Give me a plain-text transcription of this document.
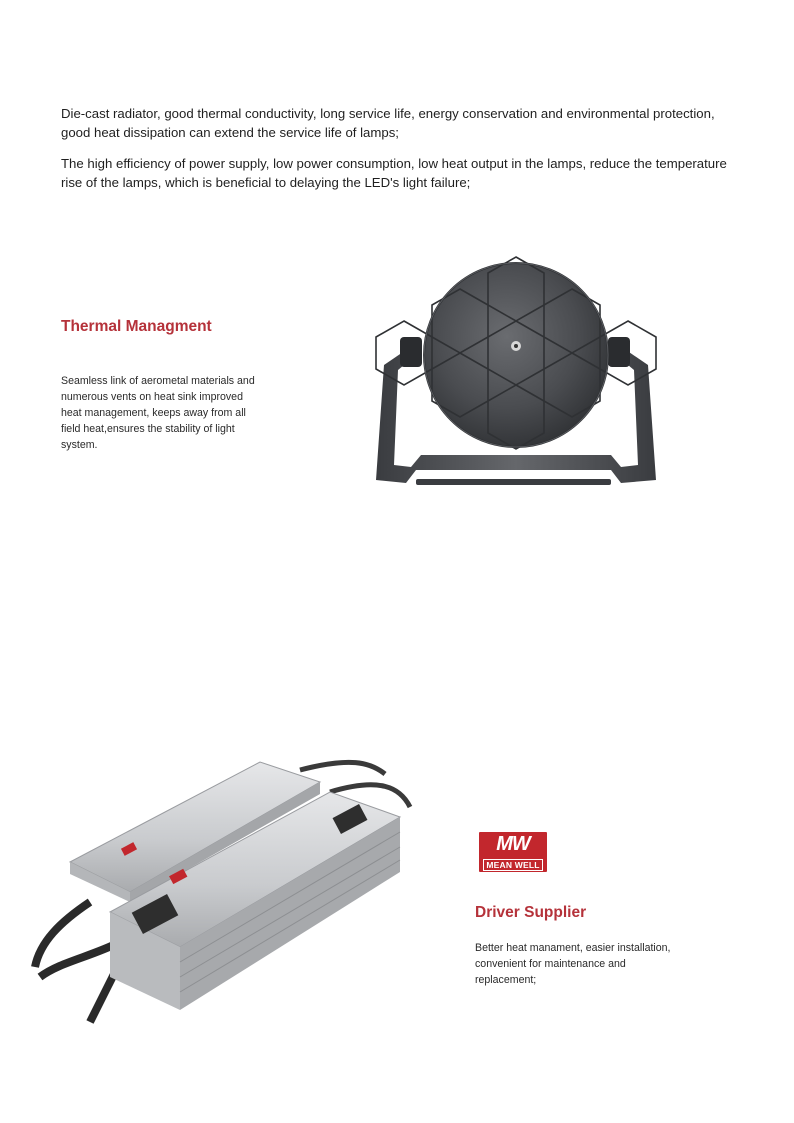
Die-cast radiator, good thermal conductivity, long service life, energy conservation and environmental protection, good heat dissipation can extend the service life of lamps;

The high efficiency of power supply, low power consumption, low heat output in the lamps, reduce the temperature rise of the lamps, which is beneficial to delaying the LED's light failure;

Thermal Managment

Seamless link of aerometal materials and numerous vents on heat sink improved heat management, keeps away from all field heat,ensures the stability of light system.

MW
MEAN WELL
Driver Supplier

Better heat manament, easier installation, convenient for maintenance and replacement;
